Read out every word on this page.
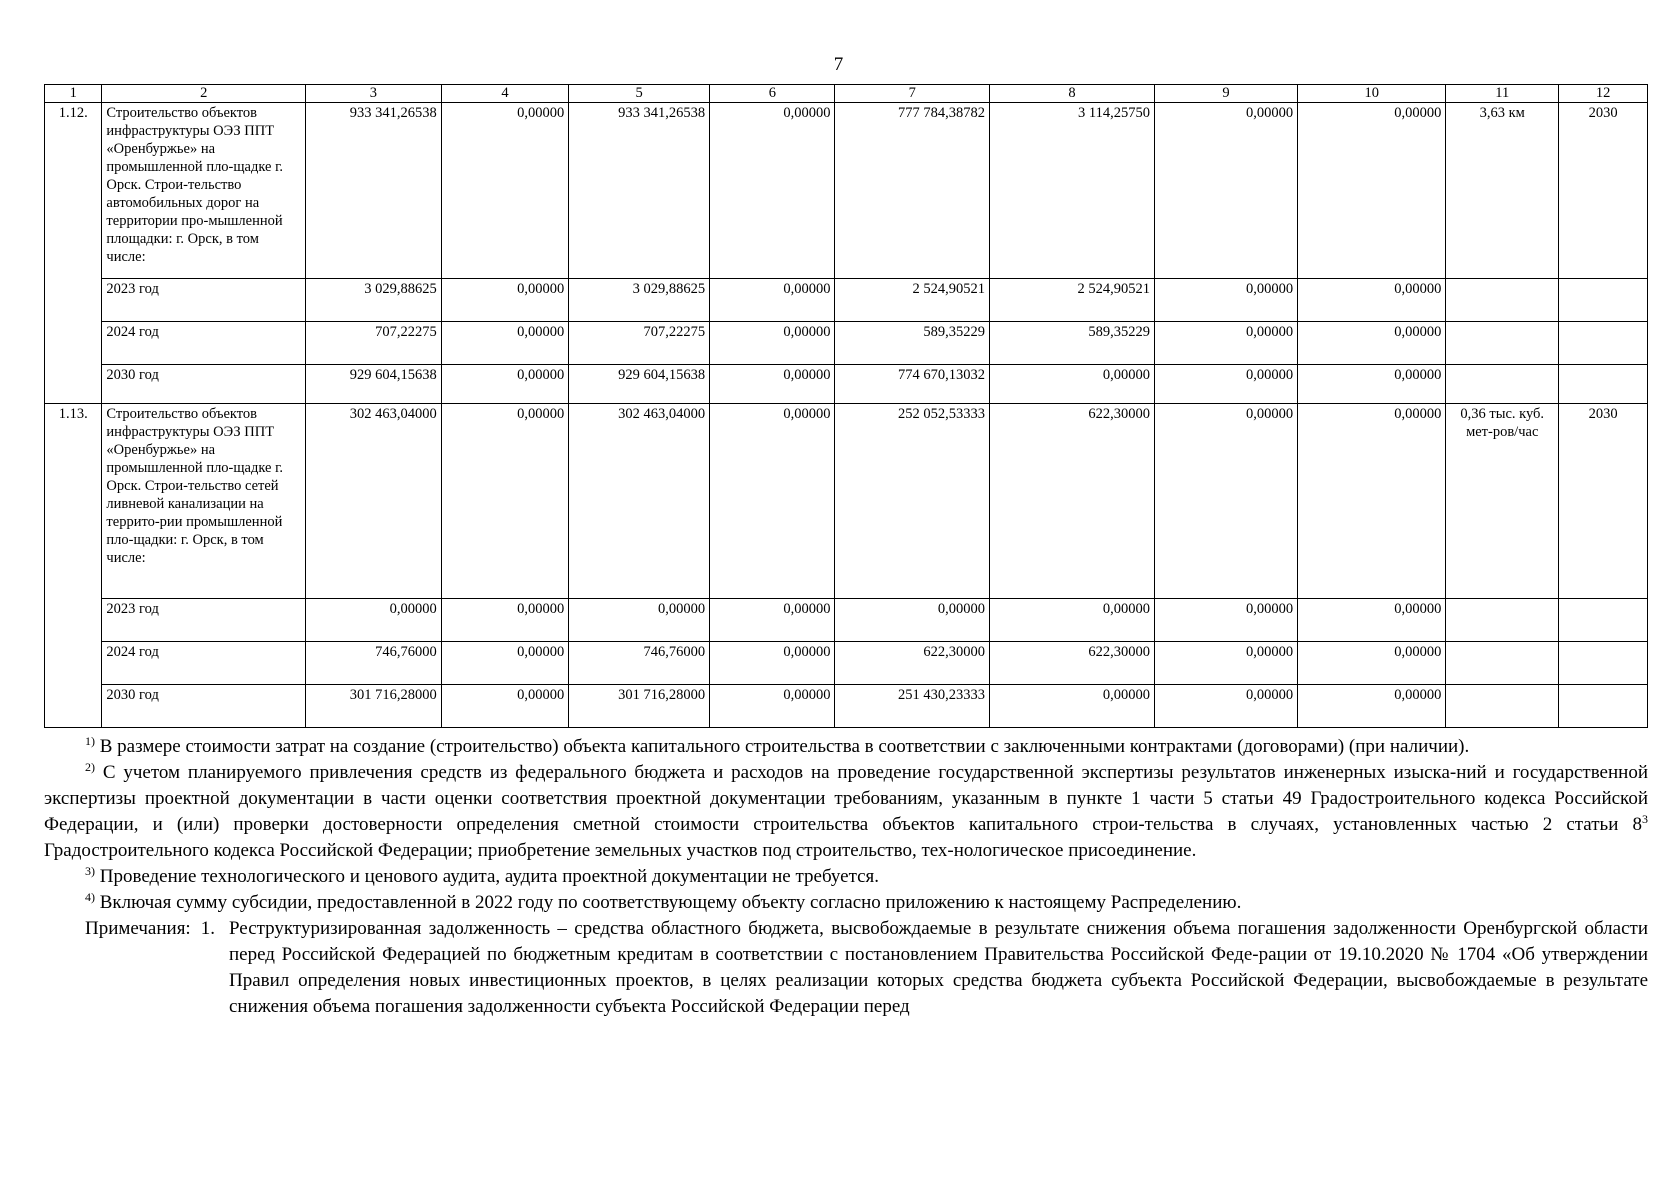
7
1	2	3	4	5	6	7	8	9	10	11	12
1.12.	Строительство объектов инфраструктуры ОЭЗ ППТ «Оренбуржье» на промышленной пло-щадке г. Орск. Строи-тельство автомобильных дорог на территории про-мышленной площадки: г. Орск, в том числе:	933 341,26538	0,00000	933 341,26538	0,00000	777 784,38782	3 114,25750	0,00000	0,00000	3,63 км	2030
	2023 год	3 029,88625	0,00000	3 029,88625	0,00000	2 524,90521	2 524,90521	0,00000	0,00000		
	2024 год	707,22275	0,00000	707,22275	0,00000	589,35229	589,35229	0,00000	0,00000		
	2030 год	929 604,15638	0,00000	929 604,15638	0,00000	774 670,13032	0,00000	0,00000	0,00000		
1.13.	Строительство объектов инфраструктуры ОЭЗ ППТ «Оренбуржье» на промышленной пло-щадке г. Орск. Строи-тельство сетей ливневой канализации на террито-рии промышленной пло-щадки: г. Орск, в том числе:	302 463,04000	0,00000	302 463,04000	0,00000	252 052,53333	622,30000	0,00000	0,00000	0,36 тыс. куб. мет-ров/час	2030
	2023 год	0,00000	0,00000	0,00000	0,00000	0,00000	0,00000	0,00000	0,00000		
	2024 год	746,76000	0,00000	746,76000	0,00000	622,30000	622,30000	0,00000	0,00000		
	2030 год	301 716,28000	0,00000	301 716,28000	0,00000	251 430,23333	0,00000	0,00000	0,00000		

$^{1)}$ В размере стоимости затрат на создание (строительство) объекта капитального строительства в соответствии с заключенными контрактами (договорами) (при наличии).

$^{2)}$ С учетом планируемого привлечения средств из федерального бюджета и расходов на проведение государственной экспертизы результатов инженерных изыска-ний и государственной экспертизы проектной документации в части оценки соответствия проектной документации требованиям, указанным в пункте 1 части 5 статьи 49 Градостроительного кодекса Российской Федерации, и (или) проверки достоверности определения сметной стоимости строительства объектов капитального строи-тельства в случаях, установленных частью 2 статьи $8^3$ Градостроительного кодекса Российской Федерации; приобретение земельных участков под строительство, тех-нологическое присоединение.

$^{3)}$ Проведение технологического и ценового аудита, аудита проектной документации не требуется.

$^{4)}$ Включая сумму субсидии, предоставленной в 2022 году по соответствующему объекту согласно приложению к настоящему Распределению.

Примечания: 1. Реструктуризированная задолженность – средства областного бюджета, высвобождаемые в результате снижения объема погашения задолженности Оренбургской области перед Российской Федерацией по бюджетным кредитам в соответствии с постановлением Правительства Российской Феде-рации от 19.10.2020 № 1704 «Об утверждении Правил определения новых инвестиционных проектов, в целях реализации которых средства бюджета субъекта Российской Федерации, высвобождаемые в результате снижения объема погашения задолженности субъекта Российской Федерации перед
